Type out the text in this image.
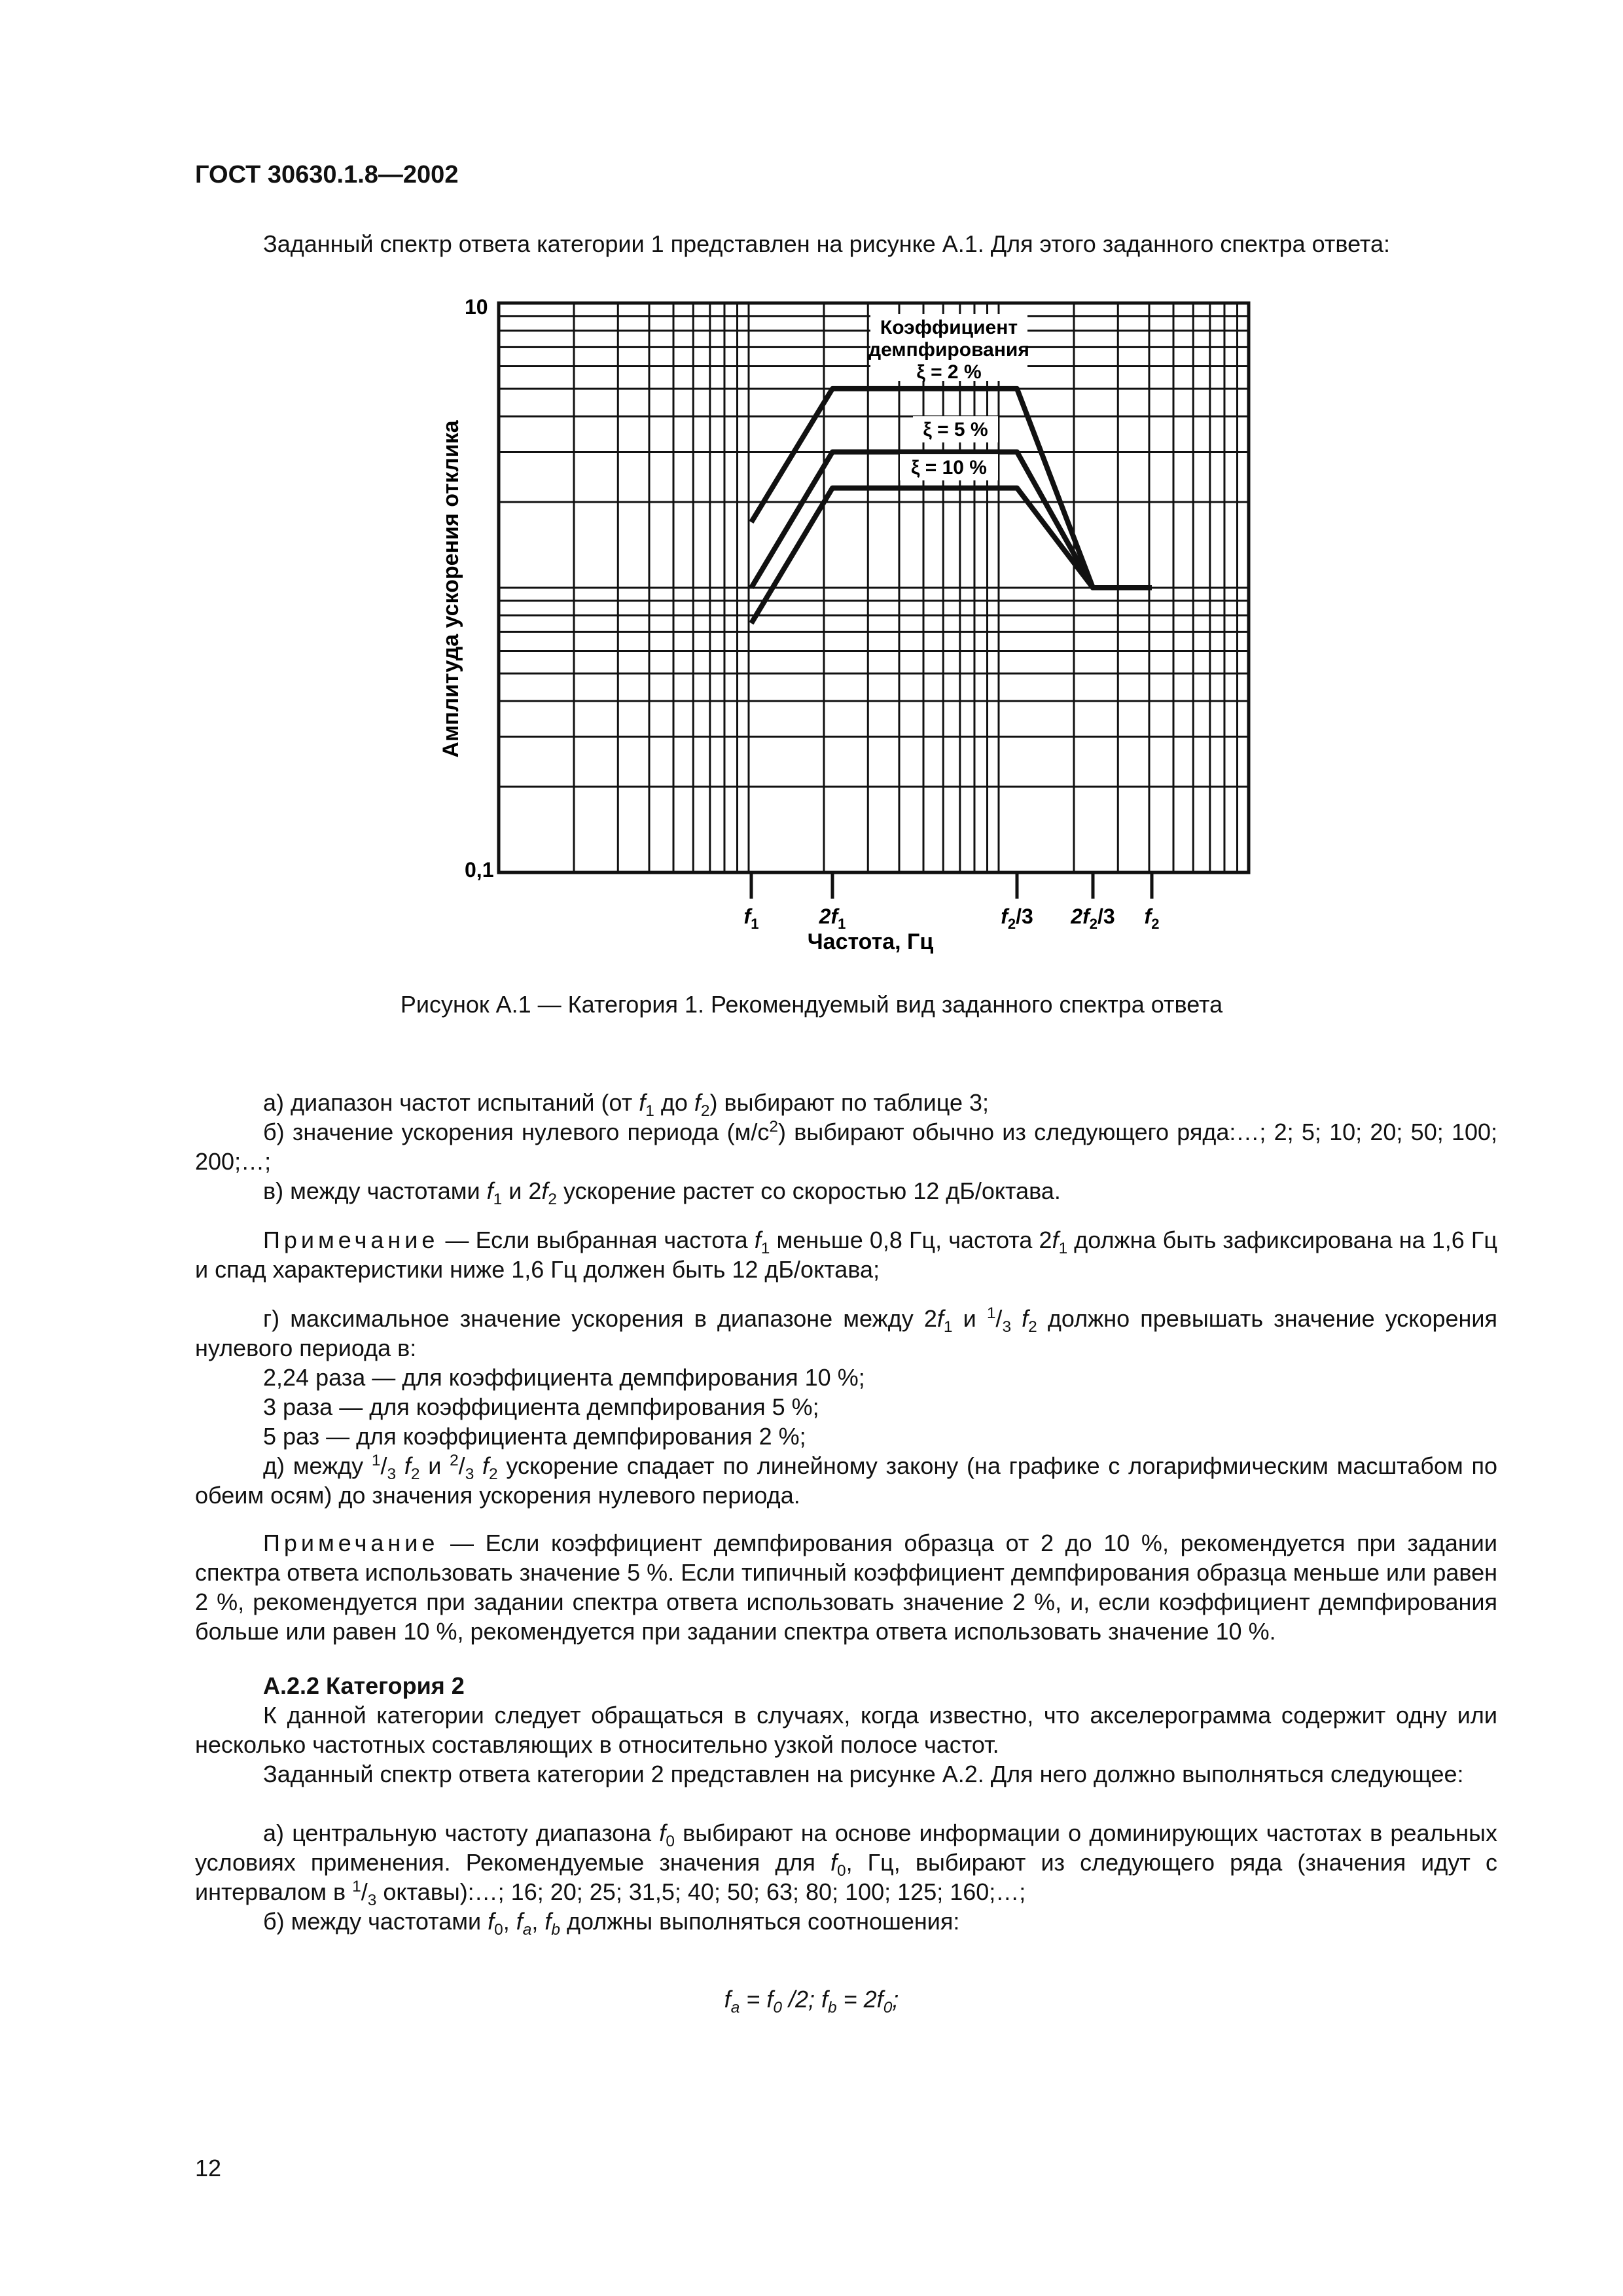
ГОСТ 30630.1.8—2002

Заданный спектр ответа категории 1 представлен на рисунке А.1. Для этого заданного спектра ответа:

Коэффициент
демпфирования
ξ = 2 %
ξ = 5 %
ξ = 10 %
$f_1$	$2f_1$	$f_2/3$ $2f_2/3$ $f_2$
10
0,1
Частота, Гц
Амплитуда ускорения отклика
Рисунок А.1 — Категория 1. Рекомендуемый вид заданного спектра ответа

а) диапазон частот испытаний (от $f_1$ до $f_2$) выбирают по таблице 3;

б) значение ускорения нулевого периода $(м/с^2)$ выбирают обычно из следующего ряда:…; 2; 5; 10; 20; 50; 100; 200;…;

в) между частотами $f_1$ и $2f_2$ ускорение растет со скоростью 12 дБ/октава.

Примечание — Если выбранная частота $f_1$ меньше 0,8 Гц, частота $2f_1$ должна быть зафиксирована на 1,6 Гц и спад характеристики ниже 1,6 Гц должен быть 12 дБ/октава;

г) максимальное значение ускорения в диапазоне между $2f_1$ и $^1/_3$ $f_2$ должно превышать значение ускорения нулевого периода в:

2,24 раза — для коэффициента демпфирования 10 %;

3 раза — для коэффициента демпфирования 5 %;

5 раз — для коэффициента демпфирования 2 %;

д) между $^1/_3$ $f_2$ и $^2/_3$ $f_2$ ускорение спадает по линейному закону (на графике с логарифмическим масштабом по обеим осям) до значения ускорения нулевого периода.

Примечание — Если коэффициент демпфирования образца от 2 до 10 %, рекомендуется при задании спектра ответа использовать значение 5 %. Если типичный коэффициент демпфирования образца меньше или равен 2 %, рекомендуется при задании спектра ответа использовать значение 2 %, и, если коэффициент демпфирования больше или равен 10 %, рекомендуется при задании спектра ответа использовать значение 10 %.

А.2.2 Категория 2

К данной категории следует обращаться в случаях, когда известно, что акселерограмма содержит одну или несколько частотных составляющих в относительно узкой полосе частот.

Заданный спектр ответа категории 2 представлен на рисунке А.2. Для него должно выполняться следующее:

а) центральную частоту диапазона $f_0$ выбирают на основе информации о доминирующих частотах в реальных условиях применения. Рекомендуемые значения для $f_0$, Гц, выбирают из следующего ряда (значения идут с интервалом в $^1/_3$ октавы):…; 16; 20; 25; 31,5; 40; 50; 63; 80; 100; 125; 160;…;

б) между частотами $f_0$, $f_a$, $f_b$ должны выполняться соотношения:

$f_a = f_0$ /2; $f_b = 2f_0$;
12
